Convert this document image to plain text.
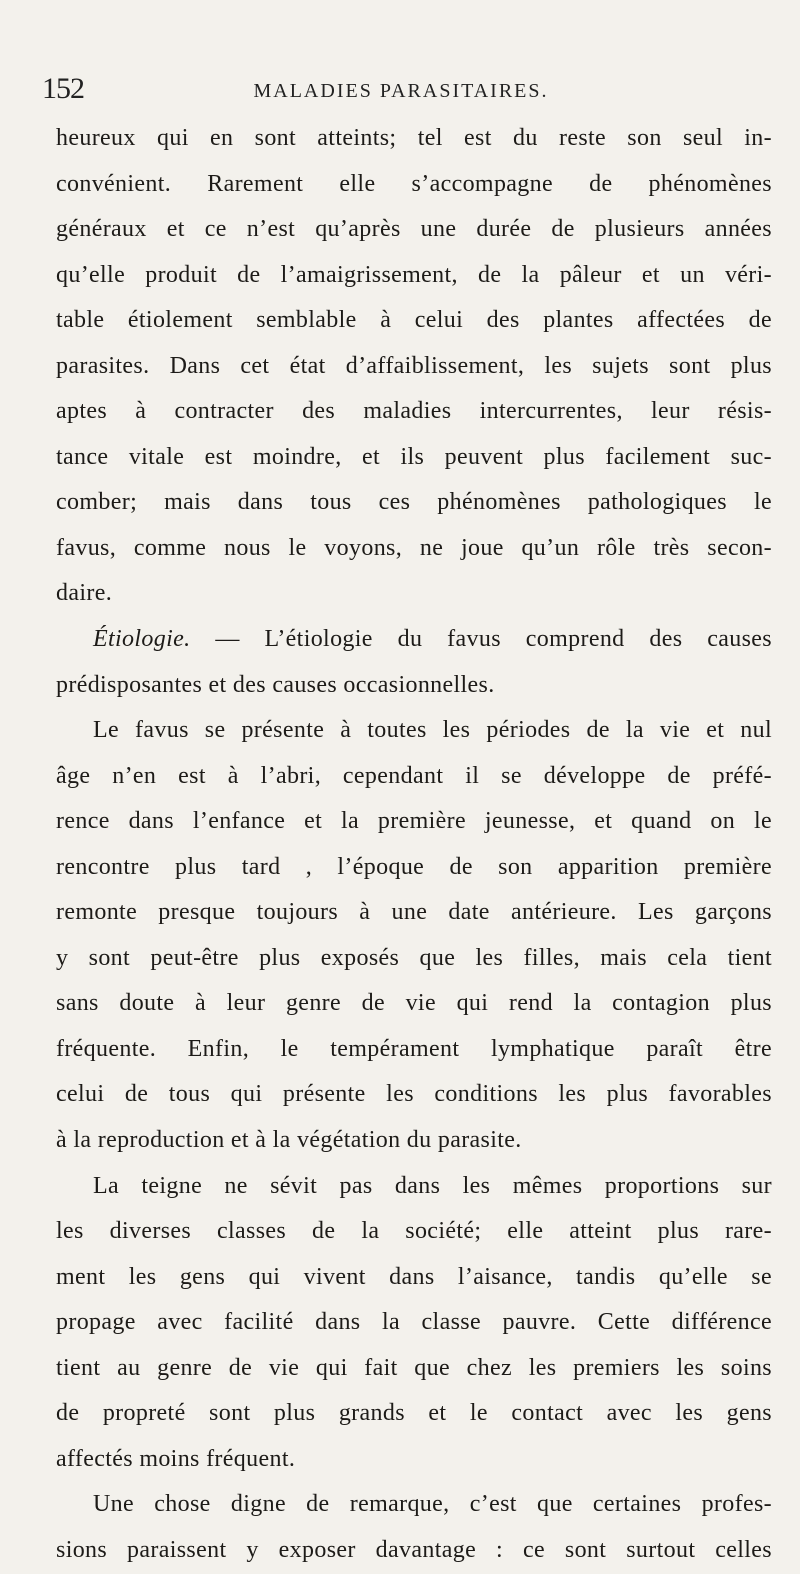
152	MALADIES PARASITAIRES.
heureux qui en sont atteints; tel est du reste son seul in-
convénient. Rarement elle s’accompagne de phénomènes
généraux et ce n’est qu’après une durée de plusieurs années
qu’elle produit de l’amaigrissement, de la pâleur et un véri-
table étiolement semblable à celui des plantes affectées de
parasites. Dans cet état d’affaiblissement, les sujets sont plus
aptes à contracter des maladies intercurrentes, leur résis-
tance vitale est moindre, et ils peuvent plus facilement suc-
comber; mais dans tous ces phénomènes pathologiques le
favus, comme nous le voyons, ne joue qu’un rôle très secon-
daire.
Étiologie. — L’étiologie du favus comprend des causes
prédisposantes et des causes occasionnelles.
Le favus se présente à toutes les périodes de la vie et nul
âge n’en est à l’abri, cependant il se développe de préfé-
rence dans l’enfance et la première jeunesse, et quand on le
rencontre plus tard , l’époque de son apparition première
remonte presque toujours à une date antérieure. Les garçons
y sont peut-être plus exposés que les filles, mais cela tient
sans doute à leur genre de vie qui rend la contagion plus
fréquente. Enfin, le tempérament lymphatique paraît être
celui de tous qui présente les conditions les plus favorables
à la reproduction et à la végétation du parasite.
La teigne ne sévit pas dans les mêmes proportions sur
les diverses classes de la société; elle atteint plus rare-
ment les gens qui vivent dans l’aisance, tandis qu’elle se
propage avec facilité dans la classe pauvre. Cette différence
tient au genre de vie qui fait que chez les premiers les soins
de propreté sont plus grands et le contact avec les gens
affectés moins fréquent.
Une chose digne de remarque, c’est que certaines profes-
sions paraissent y exposer davantage : ce sont surtout celles
